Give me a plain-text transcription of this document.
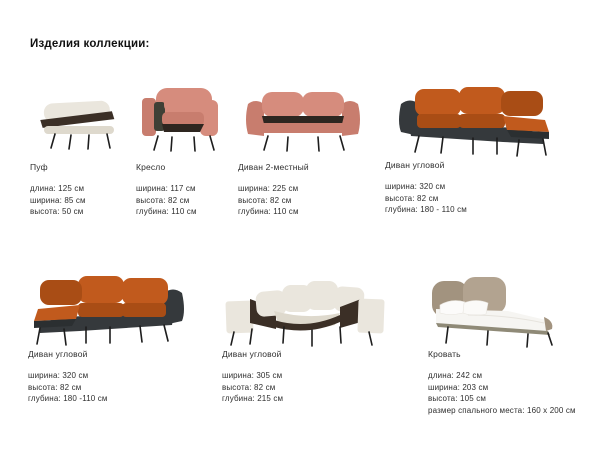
Изделия коллекции:
Пуф
длина: 125 см
ширина: 85 см
высота: 50 см
Кресло
ширина: 117 см
высота: 82 см
глубина: 110 см
Диван 2-местный
ширина: 225 см
высота: 82 см
глубина: 110 см
Диван угловой
ширина: 320 см
высота: 82 см
глубина: 180 - 110 см
Диван угловой
ширина: 320 см
высота: 82 см
глубина: 180 -110 см
Диван угловой
ширина: 305 см
высота: 82 см
глубина: 215 см
Кровать
длина: 242 см
ширина: 203 см
высота: 105 см
размер спального места: 160 x 200 см
